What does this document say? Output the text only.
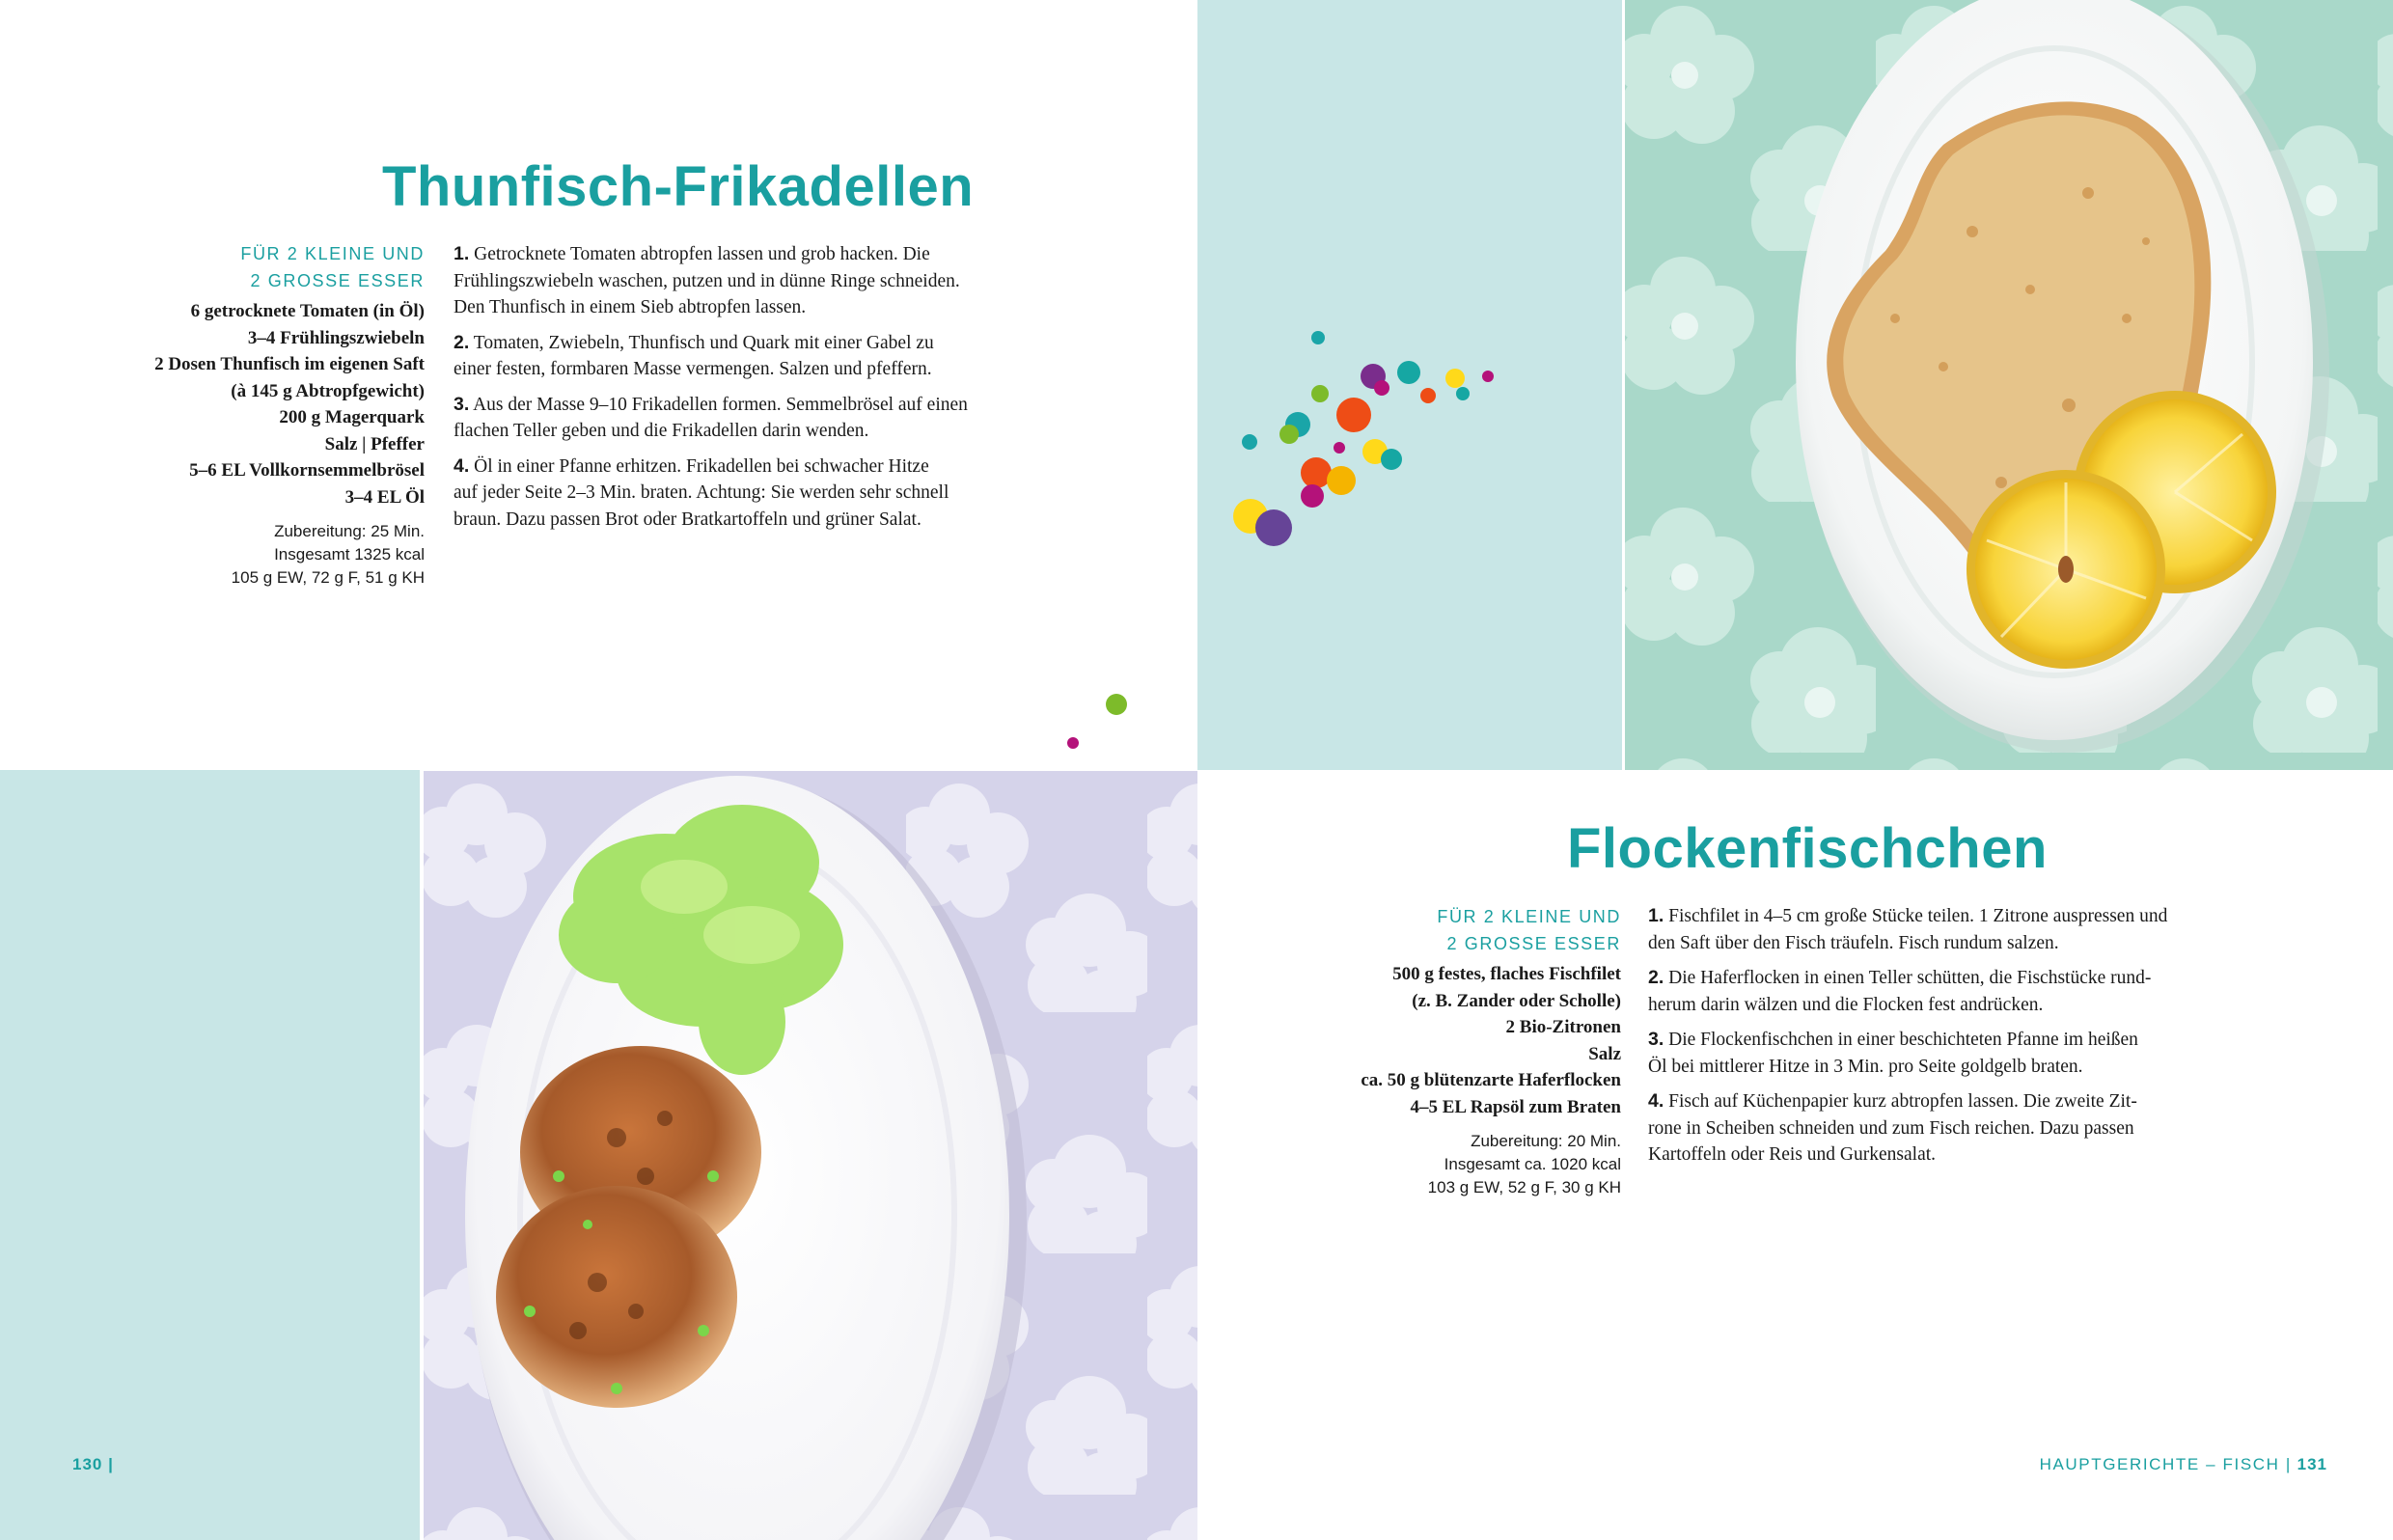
Thunfisch-Frikadellen
FÜR 2 KLEINE UND
2 GROSSE ESSER
6 getrocknete Tomaten (in Öl)
3–4 Frühlingszwiebeln
2 Dosen Thunfisch im eigenen Saft
(à 145 g Abtropfgewicht)
200 g Magerquark
Salz | Pfeffer
5–6 EL Vollkornsemmelbrösel
3–4 EL Öl
Zubereitung: 25 Min.
Insgesamt 1325 kcal
105 g EW, 72 g F, 51 g KH
1. Getrocknete Tomaten abtropfen lassen und grob hacken. Die
Frühlingszwiebeln waschen, putzen und in dünne Ringe schneiden.
Den Thunfisch in einem Sieb abtropfen lassen.
2. Tomaten, Zwiebeln, Thunfisch und Quark mit einer Gabel zu
einer festen, formbaren Masse vermengen. Salzen und pfeffern.
3. Aus der Masse 9–10 Frikadellen formen. Semmelbrösel auf einen
flachen Teller geben und die Frikadellen darin wenden.
4. Öl in einer Pfanne erhitzen. Frikadellen bei schwacher Hitze
auf jeder Seite 2–3 Min. braten. Achtung: Sie werden sehr schnell
braun. Dazu passen Brot oder Bratkartoffeln und grüner Salat.
Flockenfischchen
FÜR 2 KLEINE UND
2 GROSSE ESSER
500 g festes, flaches Fischfilet
(z. B. Zander oder Scholle)
2 Bio-Zitronen
Salz
ca. 50 g blütenzarte Haferflocken
4–5 EL Rapsöl zum Braten
Zubereitung: 20 Min.
Insgesamt ca. 1020 kcal
103 g EW, 52 g F, 30 g KH
1. Fischfilet in 4–5 cm große Stücke teilen. 1 Zitrone auspressen und
den Saft über den Fisch träufeln. Fisch rundum salzen.
2. Die Haferflocken in einen Teller schütten, die Fischstücke rund-
herum darin wälzen und die Flocken fest andrücken.
3. Die Flockenfischchen in einer beschichteten Pfanne im heißen
Öl bei mittlerer Hitze in 3 Min. pro Seite goldgelb braten.
4. Fisch auf Küchenpapier kurz abtropfen lassen. Die zweite Zit-
rone in Scheiben schneiden und zum Fisch reichen. Dazu passen
Kartoffeln oder Reis und Gurkensalat.
130 |	HAUPTGERICHTE – FISCH | 131
